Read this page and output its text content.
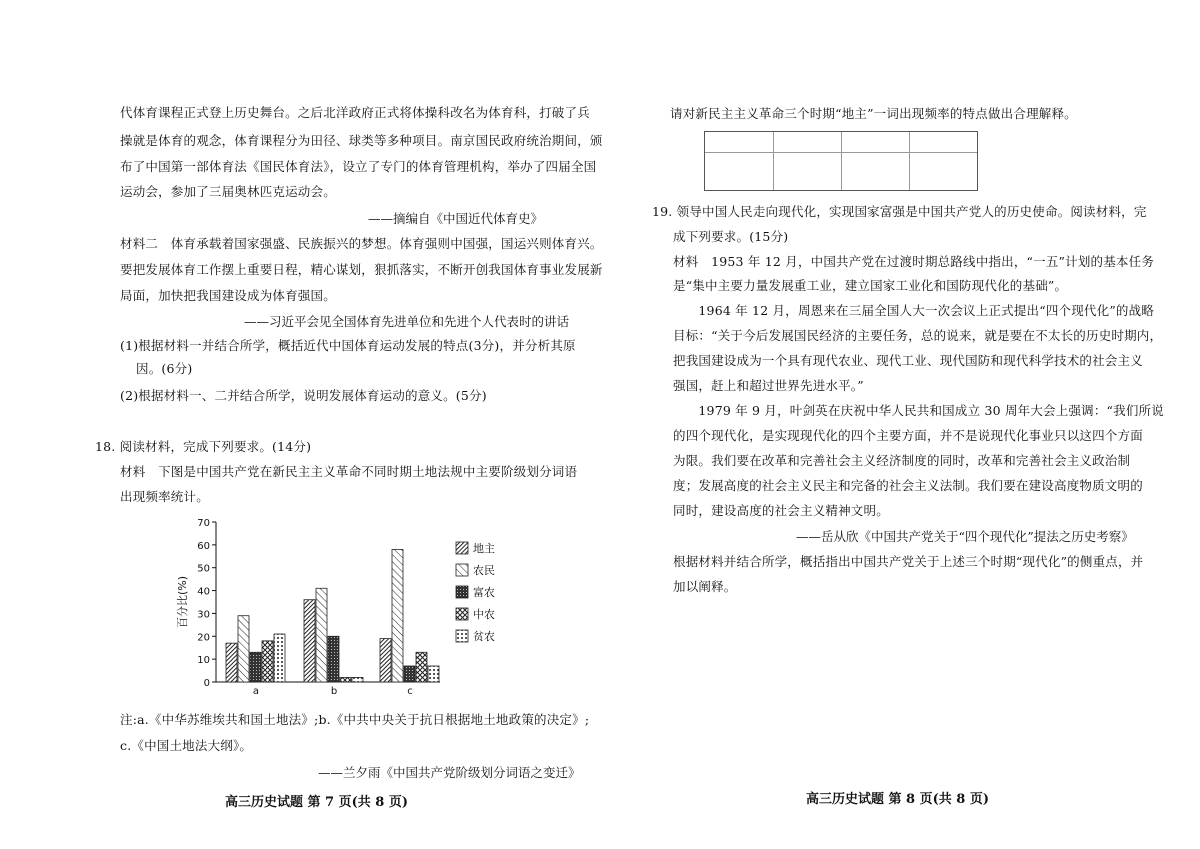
代体育课程正式登上历史舞台。之后北洋政府正式将体操科改名为体育科，打破了兵
操就是体育的观念，体育课程分为田径、球类等多种项目。南京国民政府统治期间，颁
布了中国第一部体育法《国民体育法》，设立了专门的体育管理机构，举办了四届全国
运动会，参加了三届奥林匹克运动会。
——摘编自《中国近代体育史》
材料二　体育承载着国家强盛、民族振兴的梦想。体育强则中国强，国运兴则体育兴。
要把发展体育工作摆上重要日程，精心谋划，狠抓落实，不断开创我国体育事业发展新
局面，加快把我国建设成为体育强国。
——习近平会见全国体育先进单位和先进个人代表时的讲话
(1)根据材料一并结合所学，概括近代中国体育运动发展的特点(3分)，并分析其原
因。(6分)
(2)根据材料一、二并结合所学，说明发展体育运动的意义。(5分)
18. 阅读材料，完成下列要求。(14分)
材料　下图是中国共产党在新民主主义革命不同时期土地法规中主要阶级划分词语
出现频率统计。
0
10
20
30
40
50
60
70
百分比(%)
a	b	c
地主
农民
富农
中农
贫农
注:a.《中华苏维埃共和国土地法》;b.《中共中央关于抗日根据地土地政策的决定》;
c.《中国土地法大纲》。
——兰夕雨《中国共产党阶级划分词语之变迁》
高三历史试题 第 7 页(共 8 页)
请对新民主主义革命三个时期“地主”一词出现频率的特点做出合理解释。
19. 领导中国人民走向现代化，实现国家富强是中国共产党人的历史使命。阅读材料，完
成下列要求。(15分)
材料　1953 年 12 月，中国共产党在过渡时期总路线中指出，“一五”计划的基本任务
是“集中主要力量发展重工业，建立国家工业化和国防现代化的基础”。
　　1964 年 12 月，周恩来在三届全国人大一次会议上正式提出“四个现代化”的战略
目标：“关于今后发展国民经济的主要任务，总的说来，就是要在不太长的历史时期内，
把我国建设成为一个具有现代农业、现代工业、现代国防和现代科学技术的社会主义
强国，赶上和超过世界先进水平。”
　　1979 年 9 月，叶剑英在庆祝中华人民共和国成立 30 周年大会上强调：“我们所说
的四个现代化，是实现现代化的四个主要方面，并不是说现代化事业只以这四个方面
为限。我们要在改革和完善社会主义经济制度的同时，改革和完善社会主义政治制
度；发展高度的社会主义民主和完备的社会主义法制。我们要在建设高度物质文明的
同时，建设高度的社会主义精神文明。
——岳从欣《中国共产党关于“四个现代化”提法之历史考察》
根据材料并结合所学，概括指出中国共产党关于上述三个时期“现代化”的侧重点，并
加以阐释。
高三历史试题 第 8 页(共 8 页)
